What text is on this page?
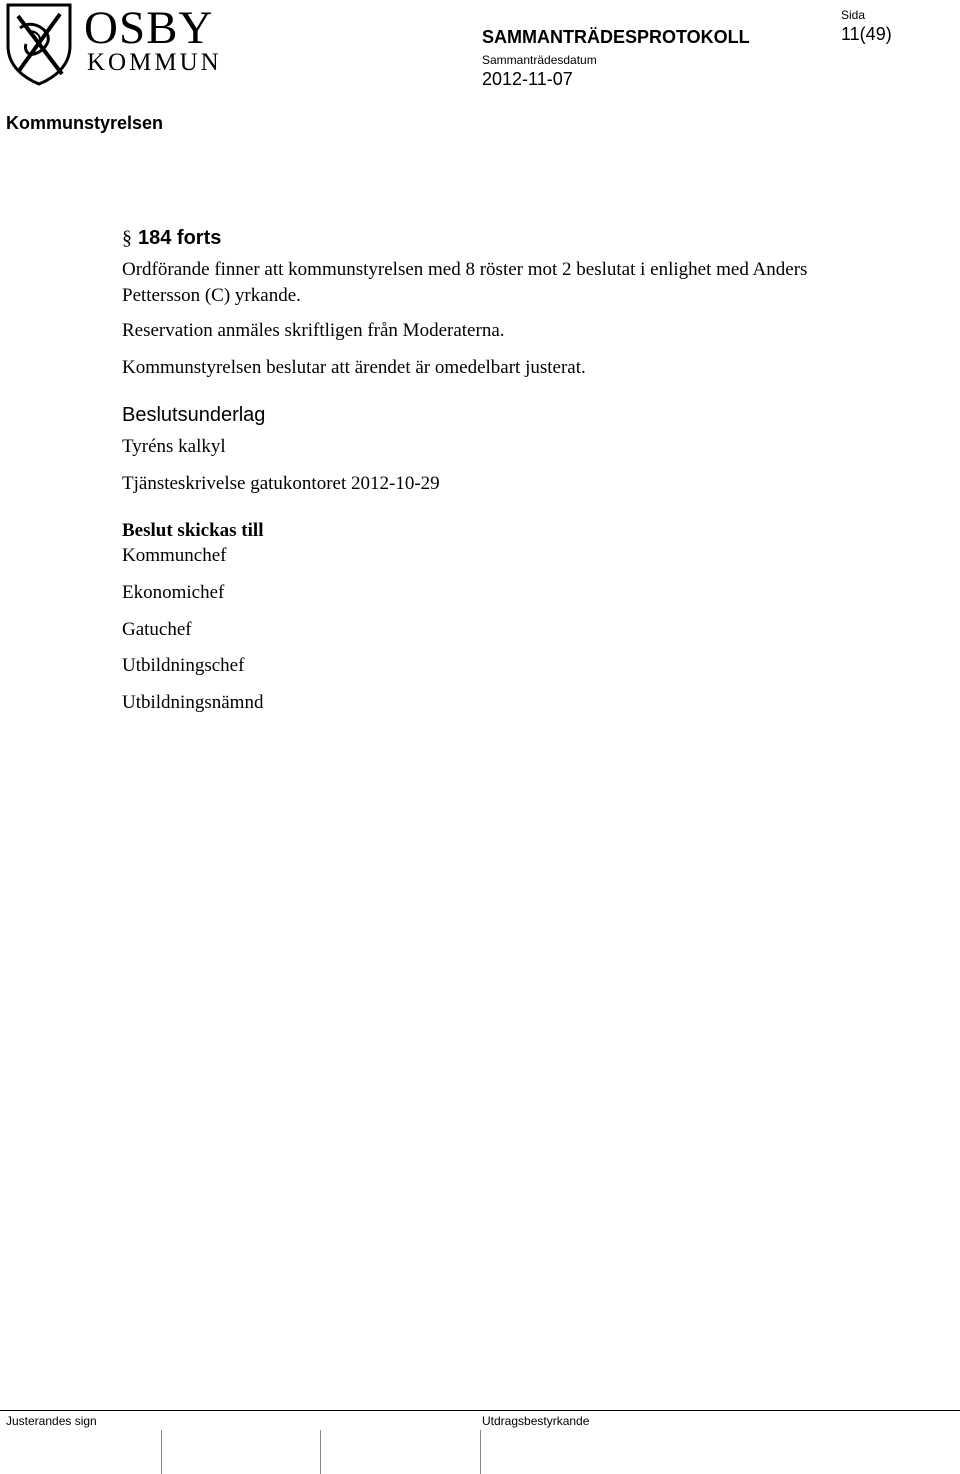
OSBY
KOMMUN
SAMMANTRÄDESPROTOKOLL
Sammanträdesdatum
2012-11-07
Sida
11(49)
Kommunstyrelsen
§ 184 forts
Ordförande finner att kommunstyrelsen med 8 röster mot 2 beslutat i enlighet med Anders Pettersson (C) yrkande.
Reservation anmäles skriftligen från Moderaterna.
Kommunstyrelsen beslutar att ärendet är omedelbart justerat.
Beslutsunderlag
Tyréns kalkyl
Tjänsteskrivelse gatukontoret 2012-10-29
Beslut skickas till
Kommunchef
Ekonomichef
Gatuchef
Utbildningschef
Utbildningsnämnd
Justerandes sign	Utdragsbestyrkande
